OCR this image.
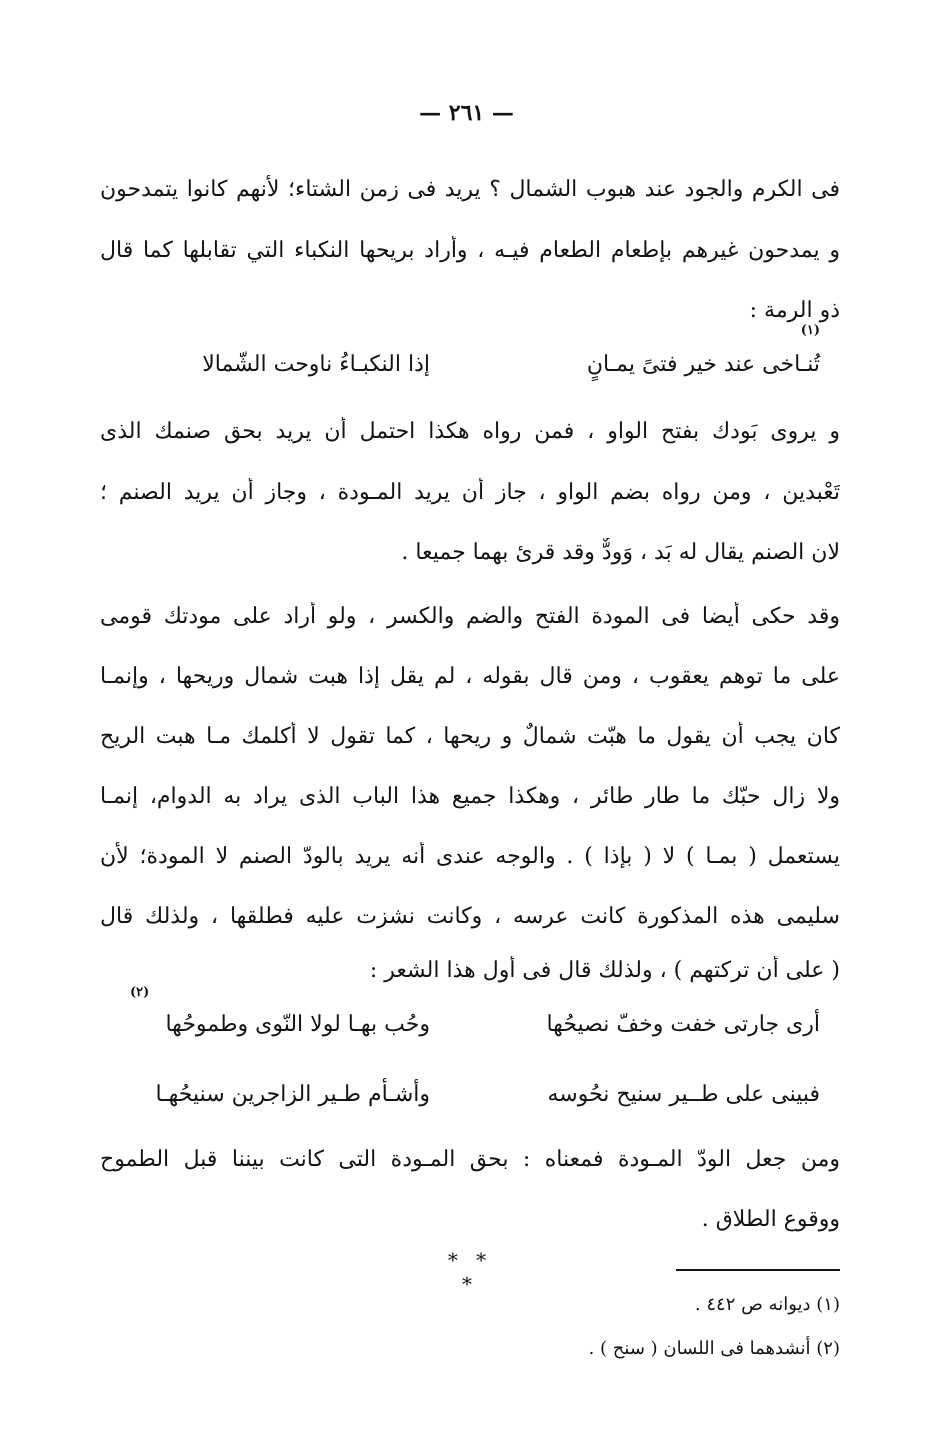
— ٢٦١ —
فى الكرم والجود عند هبوب الشمال ؟ يريد فى زمن الشتاء؛ لأنهم كانوا يتمدحون
و يمدحون غيرهم بإطعام الطعام فيـه ، وأراد بريحها النكباء التي تقابلها كما قال
ذو الرمة :
(١)
تُنـاخى عند خير فتىً يمـانٍ
إذا النكبـاءُ ناوحت الشّمالا
و يروى بَودك بفتح الواو ، فمن رواه هكذا احتمل أن يريد بحق صنمك الذى
تَعْبدين ، ومن رواه بضم الواو ، جاز أن يريد المـودة ، وجاز أن يريد الصنم ؛
لان الصنم يقال له بَد ، وَودٌّ وقد قرئ بهما جميعا .
وقد حكى أيضا فى المودة الفتح والضم والكسر ، ولو أراد على مودتك قومى
على ما توهم يعقوب ، ومن قال بقوله ، لم يقل إذا هبت شمال وريحها ، وإنمـا
كان يجب أن يقول ما هبّت شمالٌ و ريحها ، كما تقول لا أكلمك مـا هبت الريح
ولا زال حبّك ما طار طائر ، وهكذا جميع هذا الباب الذى يراد به الدوام، إنمـا
يستعمل ( بمـا ) لا ( بإذا ) . والوجه عندى أنه يريد بالودّ الصنم لا المودة؛ لأن
سليمى هذه المذكورة كانت عرسه ، وكانت نشزت عليه فطلقها ، ولذلك قال
( على أن تركتهم ) ، ولذلك قال فى أول هذا الشعر :
(٢)
أرى جارتى خفت وخفّ نصيحُها
وحُب بهـا لولا النّوى وطموحُها
فبينى على طــير سنيح نحُوسه
وأشـأم طـير الزاجرين سنيحُهـا
ومن جعل الودّ المـودة فمعناه : بحق المـودة التى كانت بيننا قبل الطموح
ووقوع الطلاق .
* * *
(١) ديوانه ص ٤٤٢ .
(٢) أنشدهما فى اللسان ( سنح ) .
